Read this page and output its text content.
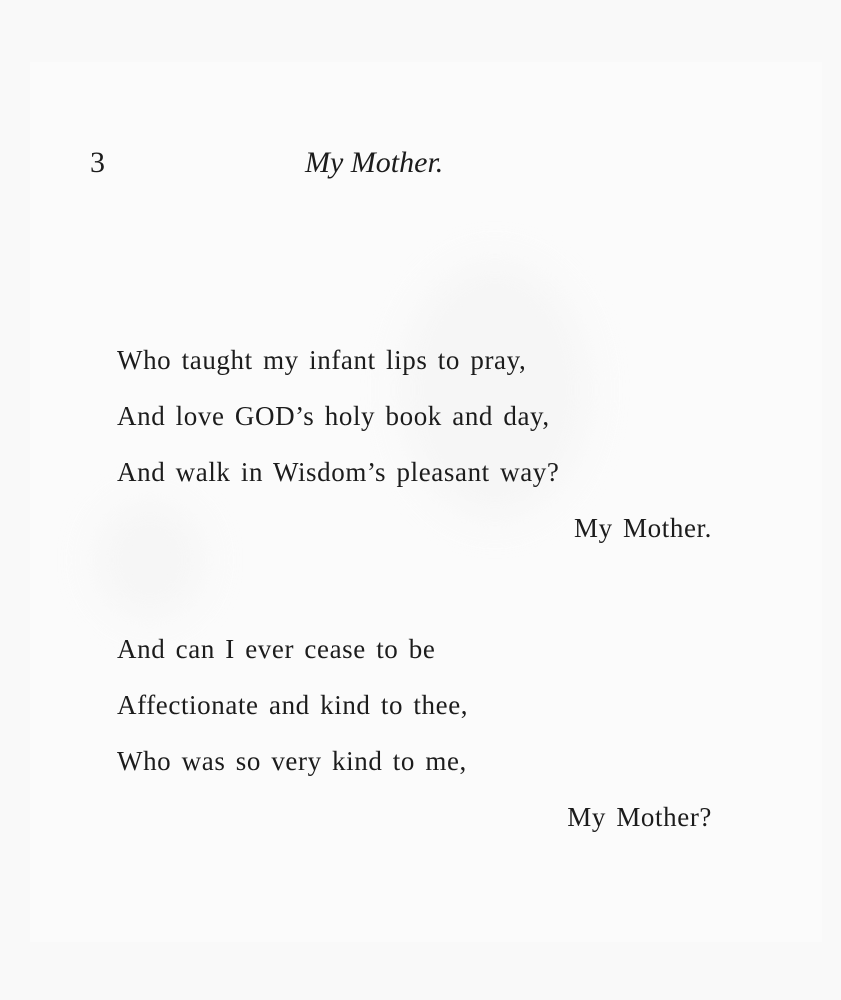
3	My Mother.
Who taught my infant lips to pray,
And love GOD’s holy book and day,
And walk in Wisdom’s pleasant way?
My Mother.
And can I ever cease to be
Affectionate and kind to thee,
Who was so very kind to me,
My Mother?
